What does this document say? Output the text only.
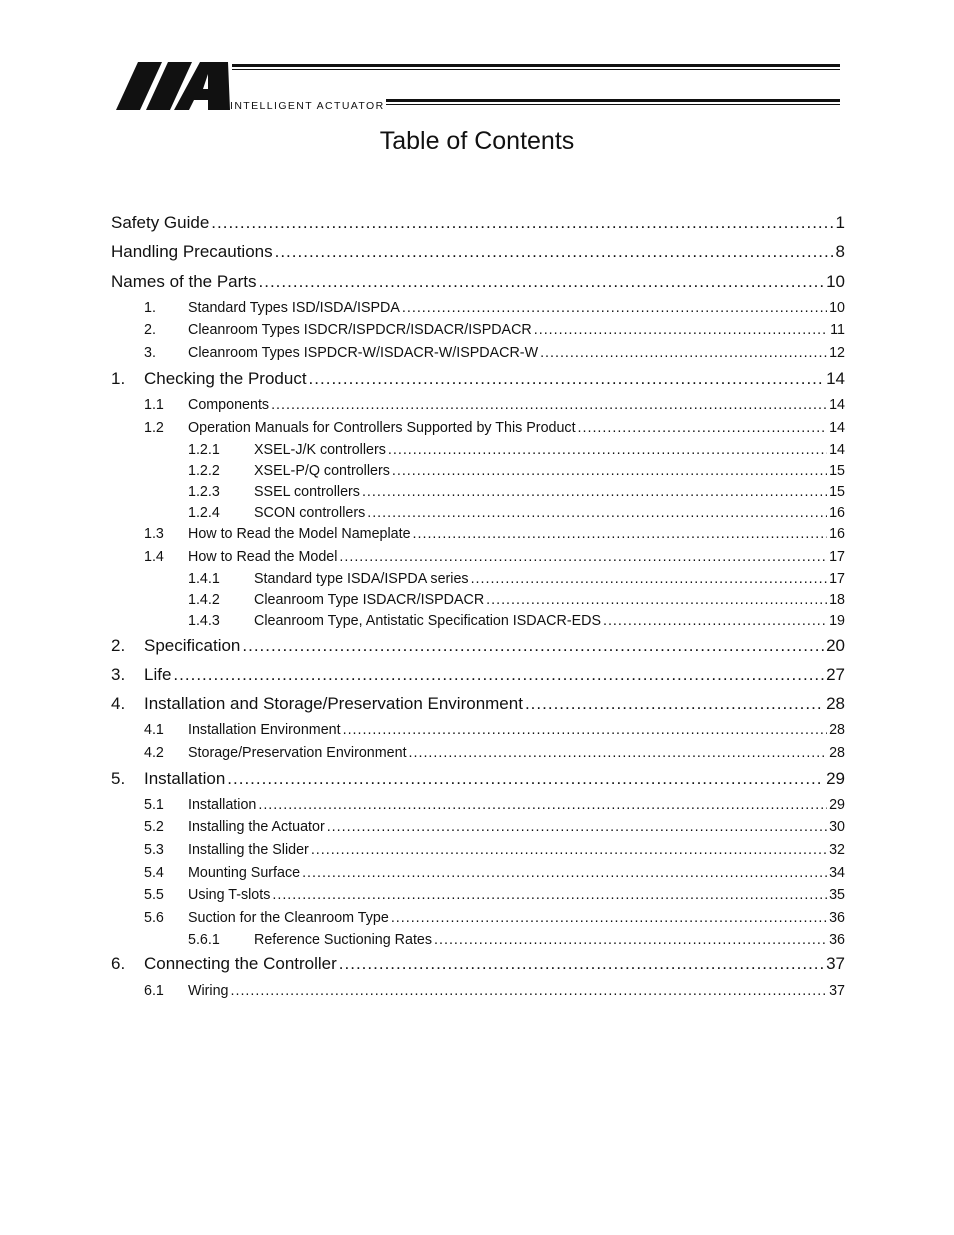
INTELLIGENT ACTUATOR
Table of Contents
Safety Guide .....	1
Handling Precautions .....	8
Names of the Parts .....	10
1.	Standard Types ISD/ISDA/ISPDA .....	10
2.	Cleanroom Types ISDCR/ISPDCR/ISDACR/ISPDACR .....	11
3.	Cleanroom Types ISPDCR-W/ISDACR-W/ISPDACR-W .....	12
1.	Checking the Product .....	14
1.1	Components .....	14
1.2	Operation Manuals for Controllers Supported by This Product .....	14
1.2.1	XSEL-J/K controllers .....	14
1.2.2	XSEL-P/Q controllers .....	15
1.2.3	SSEL controllers .....	15
1.2.4	SCON controllers .....	16
1.3	How to Read the Model Nameplate .....	16
1.4	How to Read the Model .....	17
1.4.1	Standard type ISDA/ISPDA series .....	17
1.4.2	Cleanroom Type ISDACR/ISPDACR .....	18
1.4.3	Cleanroom Type, Antistatic Specification ISDACR-EDS .....	19
2.	Specification .....	20
3.	Life .....	27
4.	Installation and Storage/Preservation Environment .....	28
4.1	Installation Environment .....	28
4.2	Storage/Preservation Environment .....	28
5.	Installation .....	29
5.1	Installation .....	29
5.2	Installing the Actuator .....	30
5.3	Installing the Slider .....	32
5.4	Mounting Surface .....	34
5.5	Using T-slots .....	35
5.6	Suction for the Cleanroom Type .....	36
5.6.1	Reference Suctioning Rates .....	36
6.	Connecting the Controller .....	37
6.1	Wiring .....	37
